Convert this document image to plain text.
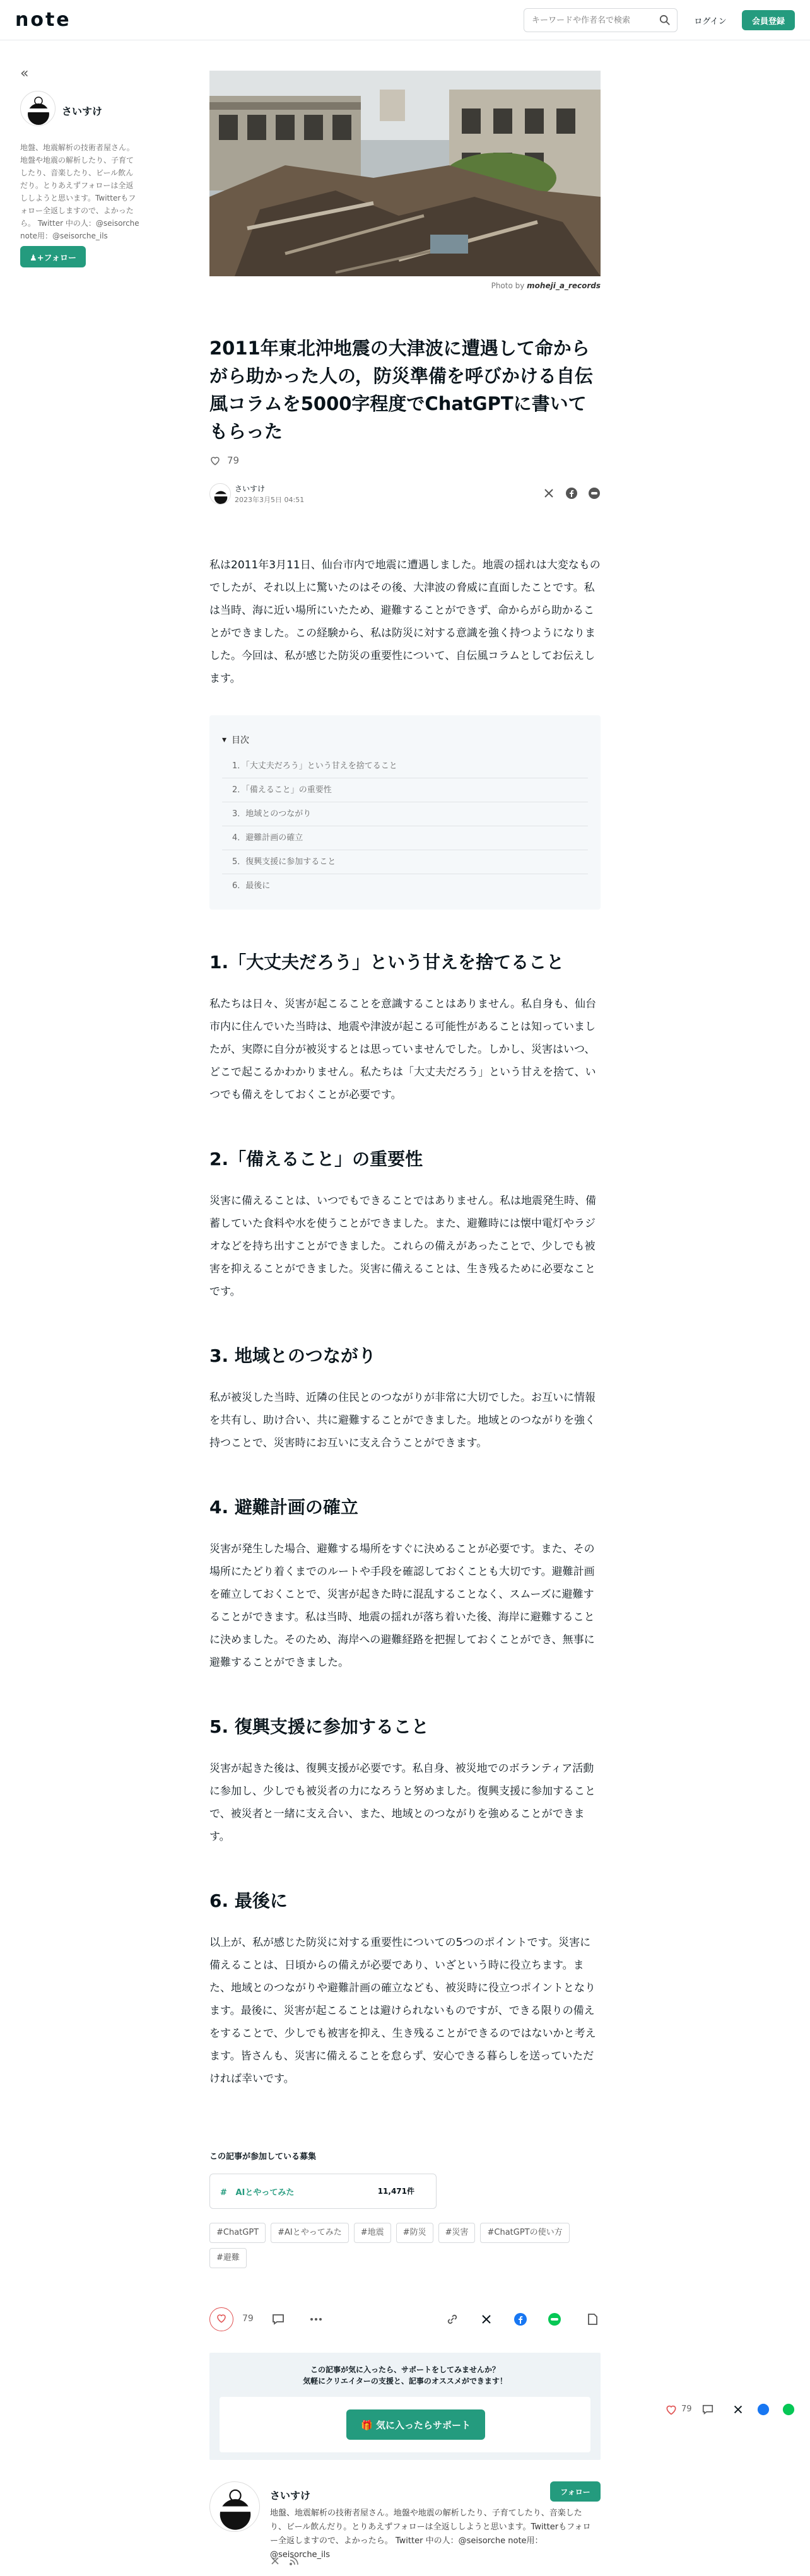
note
キーワードや作者名で検索	ログイン	会員登録
«
さいすけ
地盤、地震解析の技術者屋さん。地盤や地震の解析したり、子育てしたり、音楽したり、ビール飲んだり。とりあえずフォローは全返ししようと思います。Twitterもフォロー全返しますので、よかったら。 Twitter 中の人：@seisorche note用：@seisorche_ils
♟+フォロー
Photo by moheji_a_records
2011年東北沖地震の大津波に遭遇して命からがら助かった人の，防災準備を呼びかける自伝風コラムを5000字程度でChatGPTに書いてもらった
79
さいすけ
2023年3月5日 04:51

私は2011年3月11日、仙台市内で地震に遭遇しました。地震の揺れは大変なものでしたが、それ以上に驚いたのはその後、大津波の脅威に直面したことです。私は当時、海に近い場所にいたため、避難することができず、命からがら助かることができました。この経験から、私は防災に対する意識を強く持つようになりました。今回は、私が感じた防災の重要性について、自伝風コラムとしてお伝えします。

▾ 目次
1．「大丈夫だろう」という甘えを捨てること
2．「備えること」の重要性
3．地域とのつながり
4．避難計画の確立
5．復興支援に参加すること
6．最後に
1.「大丈夫だろう」という甘えを捨てること

私たちは日々、災害が起こることを意識することはありません。私自身も、仙台市内に住んでいた当時は、地震や津波が起こる可能性があることは知っていましたが、実際に自分が被災するとは思っていませんでした。しかし、災害はいつ、どこで起こるかわかりません。私たちは「大丈夫だろう」という甘えを捨て、いつでも備えをしておくことが必要です。

2.「備えること」の重要性

災害に備えることは、いつでもできることではありません。私は地震発生時、備蓄していた食料や水を使うことができました。また、避難時には懐中電灯やラジオなどを持ち出すことができました。これらの備えがあったことで、少しでも被害を抑えることができました。災害に備えることは、生き残るために必要なことです。

3. 地域とのつながり

私が被災した当時、近隣の住民とのつながりが非常に大切でした。お互いに情報を共有し、助け合い、共に避難することができました。地域とのつながりを強く持つことで、災害時にお互いに支え合うことができます。

4. 避難計画の確立

災害が発生した場合、避難する場所をすぐに決めることが必要です。また、その場所にたどり着くまでのルートや手段を確認しておくことも大切です。避難計画を確立しておくことで、災害が起きた時に混乱することなく、スムーズに避難することができます。私は当時、地震の揺れが落ち着いた後、海岸に避難することに決めました。そのため、海岸への避難経路を把握しておくことができ、無事に避難することができました。

5. 復興支援に参加すること

災害が起きた後は、復興支援が必要です。私自身、被災地でのボランティア活動に参加し、少しでも被災者の力になろうと努めました。復興支援に参加することで、被災者と一緒に支え合い、また、地域とのつながりを強めることができます。

6. 最後に

以上が、私が感じた防災に対する重要性についての5つのポイントです。災害に備えることは、日頃からの備えが必要であり、いざという時に役立ちます。また、地域とのつながりや避難計画の確立なども、被災時に役立つポイントとなります。最後に、災害が起こることは避けられないものですが、できる限りの備えをすることで、少しでも被害を抑え、生き残ることができるのではないかと考えます。皆さんも、災害に備えることを怠らず、安心できる暮らしを送っていただければ幸いです。

この記事が参加している募集
# AIとやってみた	11,471件
#ChatGPT	#AIとやってみた	#地震	#防災	#災害	#ChatGPTの使い方
#避難
79
この記事が気に入ったら、サポートをしてみませんか？
気軽にクリエイターの支援と、記事のオススメができます！
🎁 気に入ったらサポート
さいすけ	フォロー
地盤、地震解析の技術者屋さん。地盤や地震の解析したり、子育てしたり、音楽したり、ビール飲んだり。とりあえずフォローは全返ししようと思います。Twitterもフォロー全返しますので、よかったら。 Twitter 中の人：@seisorche note用：@seisorche_ils
79
